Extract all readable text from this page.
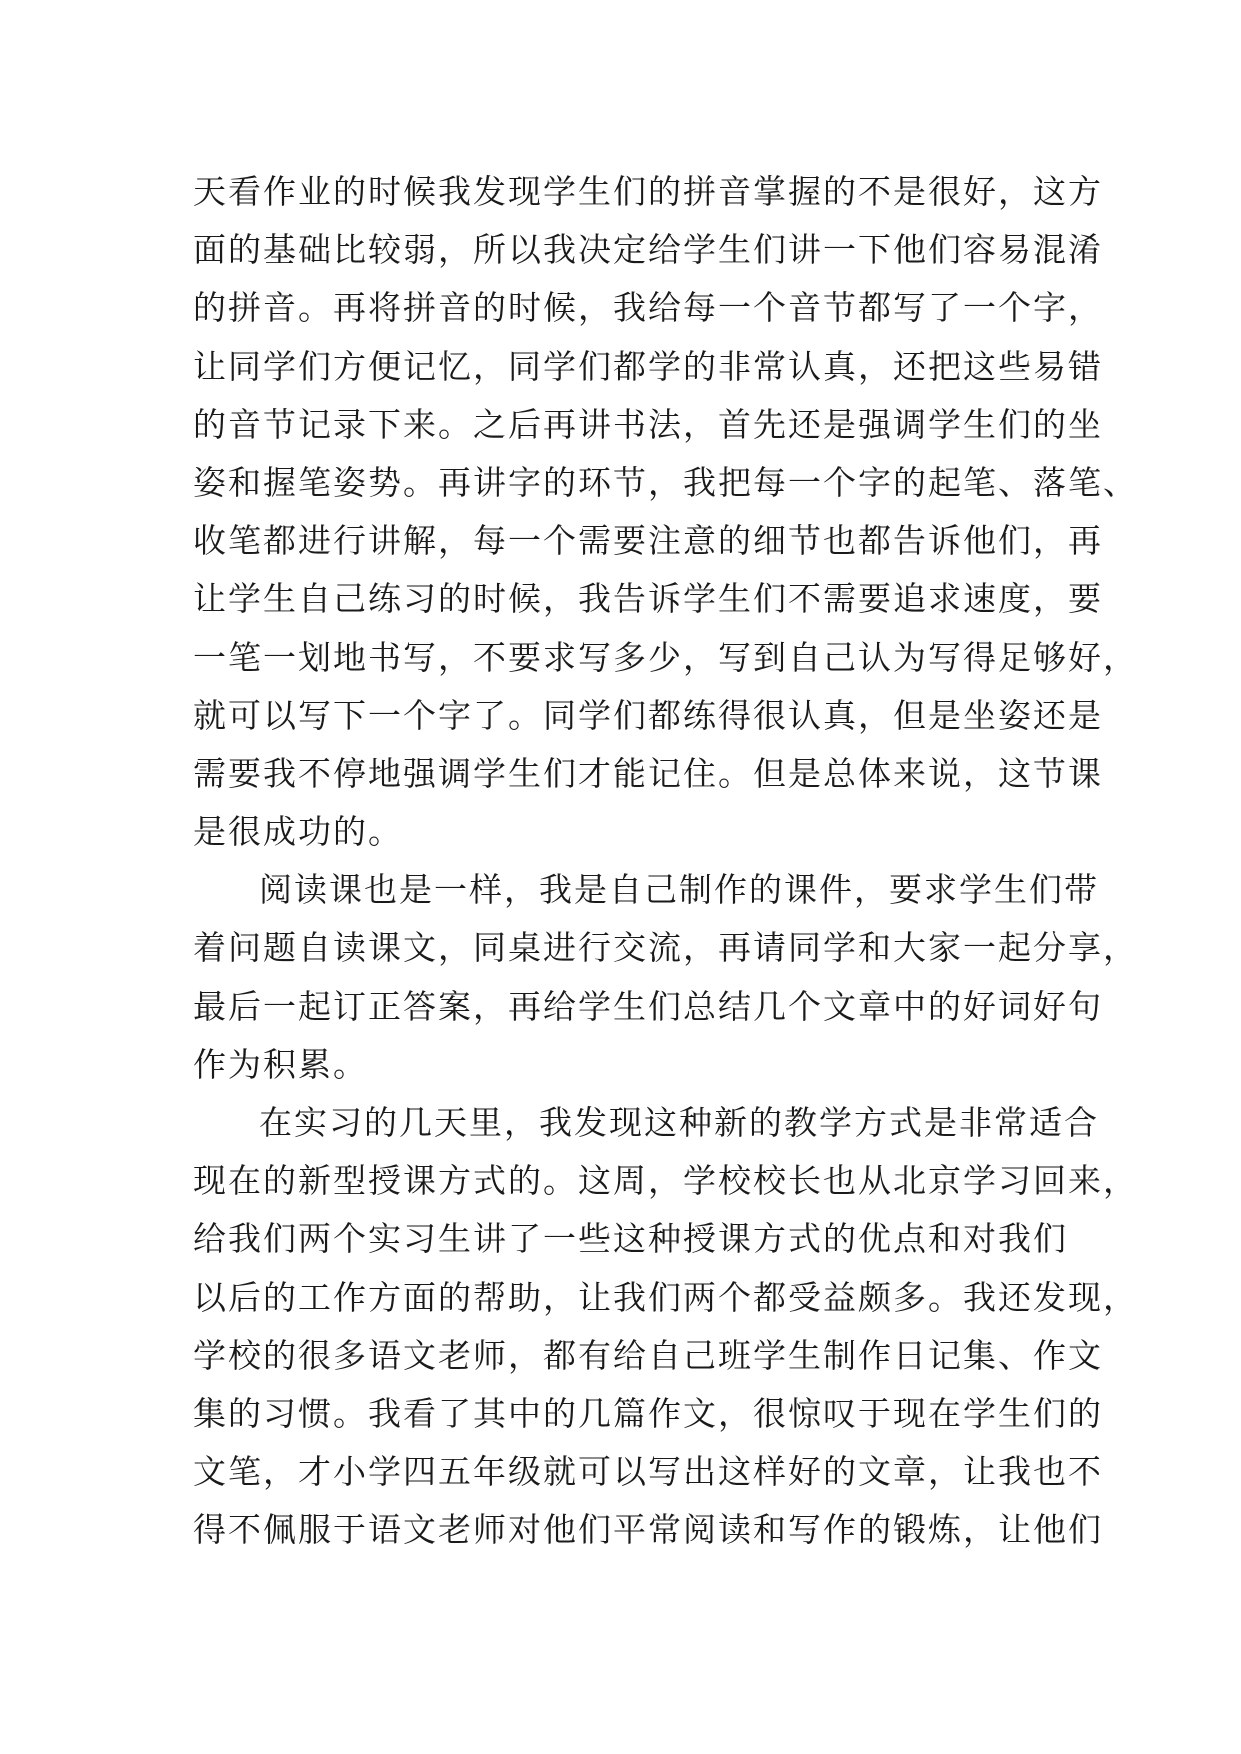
天看作业的时候我发现学生们的拼音掌握的不是很好，这方
面的基础比较弱，所以我决定给学生们讲一下他们容易混淆
的拼音。再将拼音的时候，我给每一个音节都写了一个字，
让同学们方便记忆，同学们都学的非常认真，还把这些易错
的音节记录下来。之后再讲书法，首先还是强调学生们的坐
姿和握笔姿势。再讲字的环节，我把每一个字的起笔、落笔、
收笔都进行讲解，每一个需要注意的细节也都告诉他们，再
让学生自己练习的时候，我告诉学生们不需要追求速度，要
一笔一划地书写，不要求写多少，写到自己认为写得足够好，
就可以写下一个字了。同学们都练得很认真，但是坐姿还是
需要我不停地强调学生们才能记住。但是总体来说，这节课
是很成功的。
阅读课也是一样，我是自己制作的课件，要求学生们带
着问题自读课文，同桌进行交流，再请同学和大家一起分享，
最后一起订正答案，再给学生们总结几个文章中的好词好句
作为积累。
在实习的几天里，我发现这种新的教学方式是非常适合
现在的新型授课方式的。这周，学校校长也从北京学习回来，
给我们两个实习生讲了一些这种授课方式的优点和对我们
以后的工作方面的帮助，让我们两个都受益颇多。我还发现，
学校的很多语文老师，都有给自己班学生制作日记集、作文
集的习惯。我看了其中的几篇作文，很惊叹于现在学生们的
文笔，才小学四五年级就可以写出这样好的文章，让我也不
得不佩服于语文老师对他们平常阅读和写作的锻炼，让他们
